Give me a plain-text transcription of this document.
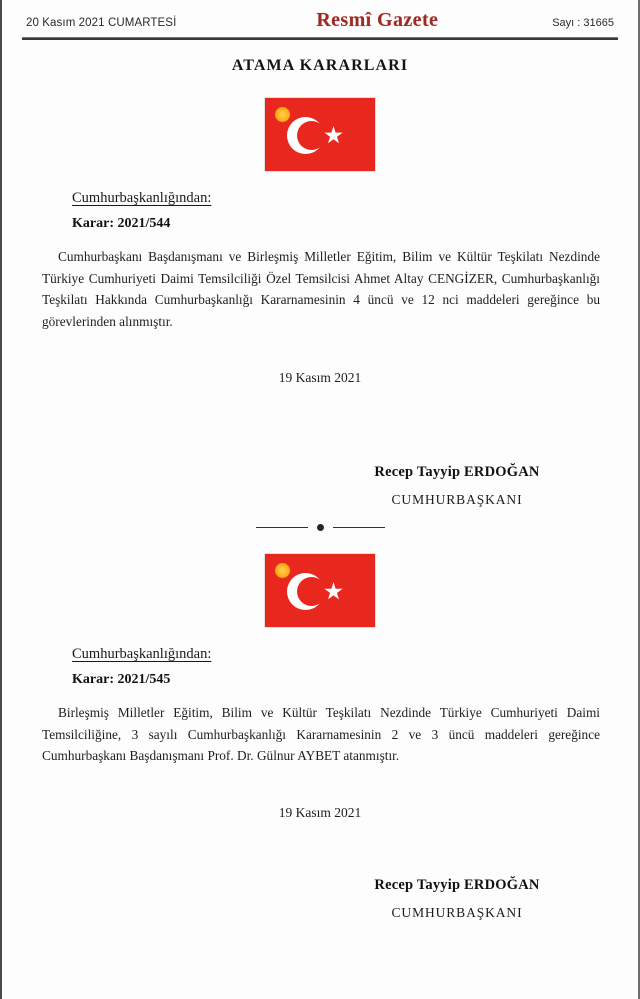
20 Kasım 2021 CUMARTESİ	Resmî Gazete	Sayı : 31665
ATAMA KARARLARI
Cumhurbaşkanlığından:
Karar: 2021/544
Cumhurbaşkanı Başdanışmanı ve Birleşmiş Milletler Eğitim, Bilim ve Kültür Teşkilatı Nezdinde Türkiye Cumhuriyeti Daimi Temsilciliği Özel Temsilcisi Ahmet Altay CENGİZER, Cumhurbaşkanlığı Teşkilatı Hakkında Cumhurbaşkanlığı Kararnamesinin 4 üncü ve 12 nci maddeleri gereğince bu görevlerinden alınmıştır.
19 Kasım 2021
Recep Tayyip ERDOĞAN
CUMHURBAŞKANI
Cumhurbaşkanlığından:
Karar: 2021/545
Birleşmiş Milletler Eğitim, Bilim ve Kültür Teşkilatı Nezdinde Türkiye Cumhuriyeti Daimi Temsilciliğine, 3 sayılı Cumhurbaşkanlığı Kararnamesinin 2 ve 3 üncü maddeleri gereğince Cumhurbaşkanı Başdanışmanı Prof. Dr. Gülnur AYBET atanmıştır.
19 Kasım 2021
Recep Tayyip ERDOĞAN
CUMHURBAŞKANI
